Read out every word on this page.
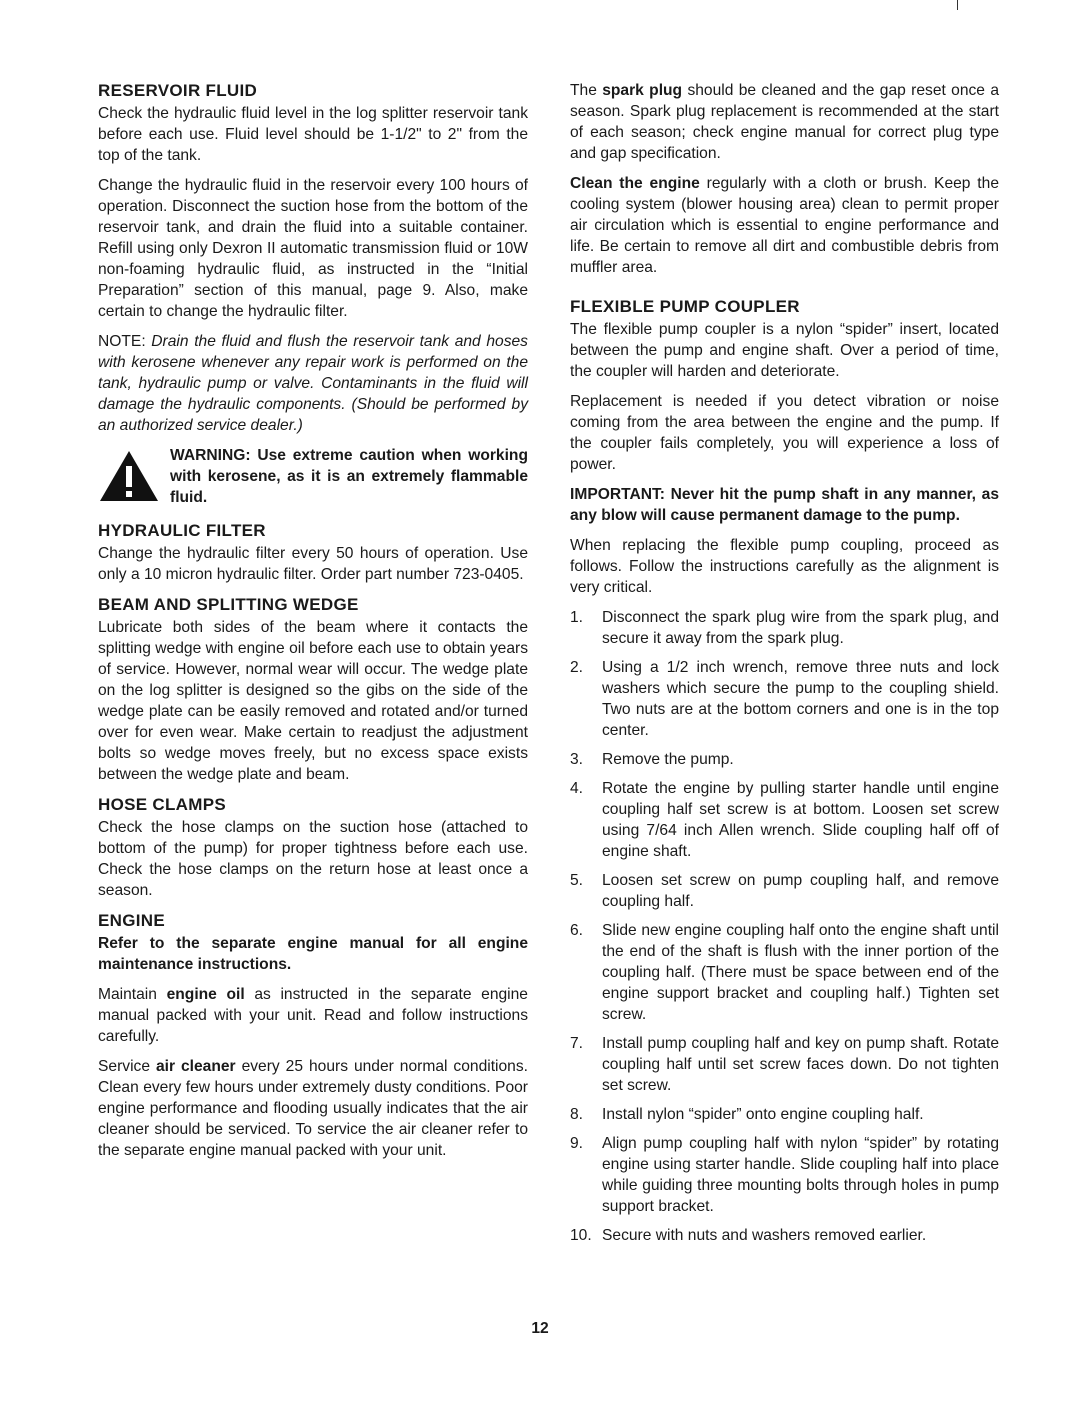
RESERVOIR FLUID

Check the hydraulic fluid level in the log splitter reservoir tank before each use. Fluid level should be 1-1/2" to 2" from the top of the tank.

Change the hydraulic fluid in the reservoir every 100 hours of operation. Disconnect the suction hose from the bottom of the reservoir tank, and drain the fluid into a suitable container. Refill using only Dexron II automatic transmission fluid or 10W non-foaming hydraulic fluid, as instructed in the “Initial Preparation” section of this manual, page 9. Also, make certain to change the hydraulic filter.

NOTE: Drain the fluid and flush the reservoir tank and hoses with kerosene whenever any repair work is performed on the tank, hydraulic pump or valve. Contaminants in the fluid will damage the hydraulic components. (Should be performed by an authorized service dealer.)

WARNING: Use extreme caution when working with kerosene, as it is an extremely flammable fluid.

HYDRAULIC FILTER

Change the hydraulic filter every 50 hours of operation. Use only a 10 micron hydraulic filter. Order part number 723-0405.

BEAM AND SPLITTING WEDGE

Lubricate both sides of the beam where it contacts the splitting wedge with engine oil before each use to obtain years of service. However, normal wear will occur. The wedge plate on the log splitter is designed so the gibs on the side of the wedge plate can be easily removed and rotated and/or turned over for even wear. Make certain to readjust the adjustment bolts so wedge moves freely, but no excess space exists between the wedge plate and beam.

HOSE CLAMPS

Check the hose clamps on the suction hose (attached to bottom of the pump) for proper tightness before each use. Check the hose clamps on the return hose at least once a season.

ENGINE

Refer to the separate engine manual for all engine maintenance instructions.

Maintain engine oil as instructed in the separate engine manual packed with your unit. Read and follow instructions carefully.

Service air cleaner every 25 hours under normal conditions. Clean every few hours under extremely dusty conditions. Poor engine performance and flooding usually indicates that the air cleaner should be serviced. To service the air cleaner refer to the separate engine manual packed with your unit.

The spark plug should be cleaned and the gap reset once a season. Spark plug replacement is recommended at the start of each season; check engine manual for correct plug type and gap specification.

Clean the engine regularly with a cloth or brush. Keep the cooling system (blower housing area) clean to permit proper air circulation which is essential to engine performance and life. Be certain to remove all dirt and combustible debris from muffler area.

FLEXIBLE PUMP COUPLER

The flexible pump coupler is a nylon “spider” insert, located between the pump and engine shaft. Over a period of time, the coupler will harden and deteriorate.

Replacement is needed if you detect vibration or noise coming from the area between the engine and the pump. If the coupler fails completely, you will experience a loss of power.

IMPORTANT: Never hit the pump shaft in any manner, as any blow will cause permanent damage to the pump.

When replacing the flexible pump coupling, proceed as follows. Follow the instructions carefully as the alignment is very critical.

1.	Disconnect the spark plug wire from the spark plug, and secure it away from the spark plug.
2.	Using a 1/2 inch wrench, remove three nuts and lock washers which secure the pump to the coupling shield. Two nuts are at the bottom corners and one is in the top center.
3.	Remove the pump.
4.	Rotate the engine by pulling starter handle until engine coupling half set screw is at bottom. Loosen set screw using 7/64 inch Allen wrench. Slide coupling half off of engine shaft.
5.	Loosen set screw on pump coupling half, and remove coupling half.
6.	Slide new engine coupling half onto the engine shaft until the end of the shaft is flush with the inner portion of the coupling half. (There must be space between end of the engine support bracket and coupling half.) Tighten set screw.
7.	Install pump coupling half and key on pump shaft. Rotate coupling half until set screw faces down. Do not tighten set screw.
8.	Install nylon “spider” onto engine coupling half.
9.	Align pump coupling half with nylon “spider” by rotating engine using starter handle. Slide coupling half into place while guiding three mounting bolts through holes in pump support bracket.
10. Secure with nuts and washers removed earlier.
12
